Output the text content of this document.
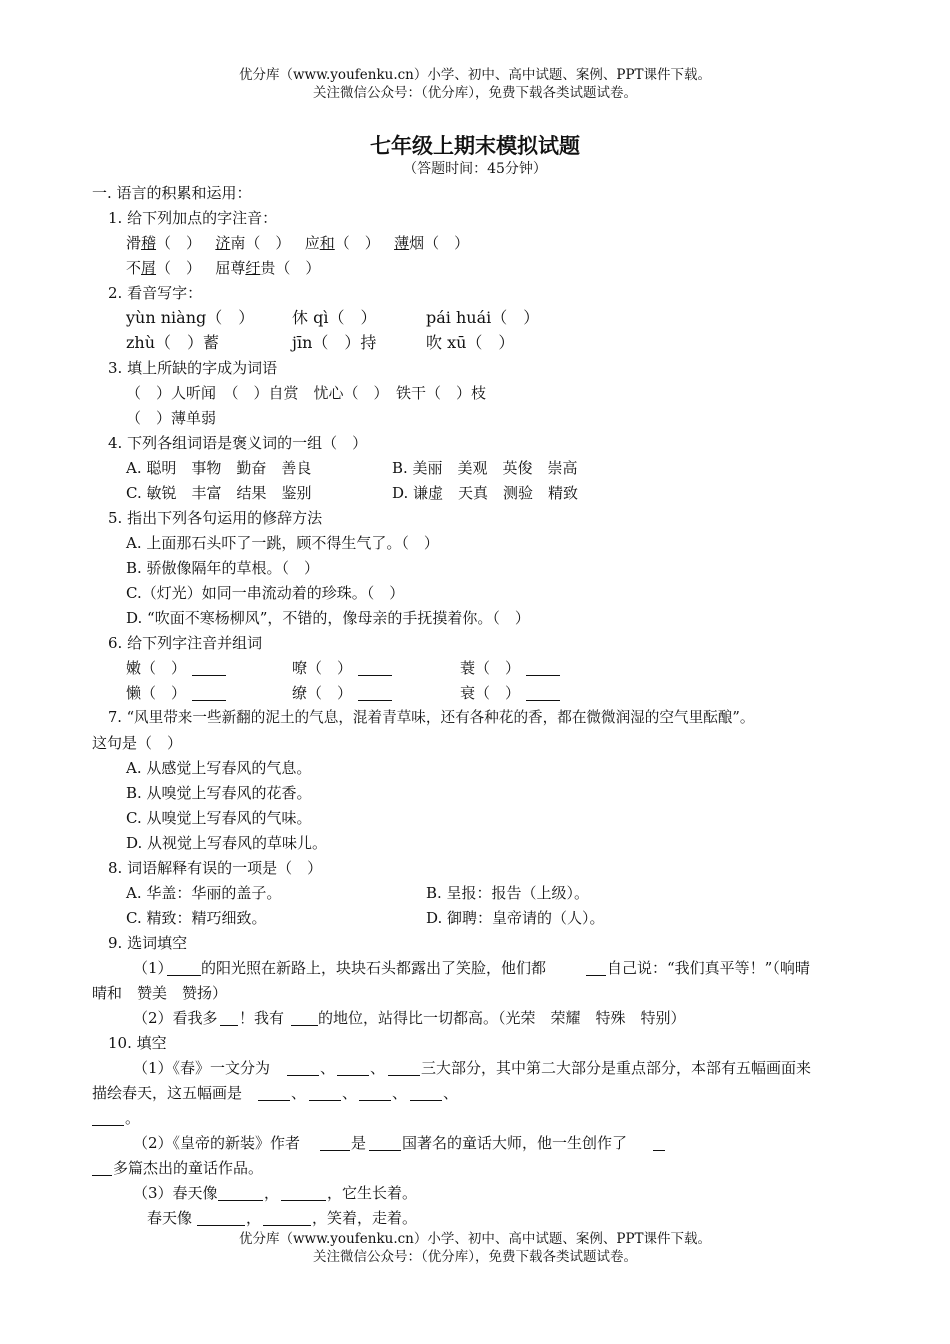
优分库（www.youfenku.cn）小学、初中、高中试题、案例、PPT课件下载。
关注微信公众号：（优分库），免费下载各类试题试卷。
七年级上期末模拟试题
（答题时间：45分钟）
一. 语言的积累和运用：
1. 给下列加点的字注音：
滑稽（　） 济南（　） 应和（　） 薄烟（　）
不屑（　） 屈尊纡贵（　）
2. 看音写字：
yùn niàng（　） 休 qì（　）	pái huái（　）
zhù（　）蓄	jīn（　）持	吹 xū（　）
3. 填上所缺的字成为词语
（　）人听闻　（　）自赏　忧心（　）　铁干（　）枝
（　）薄单弱
4. 下列各组词语是褒义词的一组（　）
A. 聪明　事物　勤奋　善良	B. 美丽　美观　英俊　崇高
C. 敏锐　丰富　结果　鉴别	D. 谦虚　天真　测验　精致
5. 指出下列各句运用的修辞方法
A. 上面那石头吓了一跳，顾不得生气了。（　）
B. 骄傲像隔年的草根。（　）
C.（灯光）如同一串流动着的珍珠。（　）
D. “吹面不寒杨柳风”，不错的，像母亲的手抚摸着你。（　）
6. 给下列字注音并组词
嫩（　）	嘹（　）	蓑（　）
懒（　）	缭（　）	衰（　）
7. “风里带来一些新翻的泥土的气息，混着青草味，还有各种花的香，都在微微润湿的空气里酝酿”。
这句是（　）
A. 从感觉上写春风的气息。
B. 从嗅觉上写春风的花香。
C. 从嗅觉上写春风的气味。
D. 从视觉上写春风的草味儿。
8. 词语解释有误的一项是（　）
A. 华盖：华丽的盖子。	B. 呈报：报告（上级）。
C. 精致：精巧细致。	D. 御聘：皇帝请的（人）。
9. 选词填空
（1） 的阳光照在新路上，块块石头都露出了笑脸，他们都	自己说：“我们真平等！”（响晴
晴和　赞美　赞扬）
（2）看我多 ！我有 的地位，站得比一切都高。（光荣　荣耀　特殊　特别）
10. 填空
（1）《春》一文分为	、 、 三大部分，其中第二大部分是重点部分，本部有五幅画面来
描绘春天，这五幅画是	、 、 、 、
。
（2）《皇帝的新装》作者	是 国著名的童话大师，他一生创作了
多篇杰出的童话作品。
（3）春天像	，	，它生长着。
春天像	，	，笑着，走着。
优分库（www.youfenku.cn）小学、初中、高中试题、案例、PPT课件下载。
关注微信公众号：（优分库），免费下载各类试题试卷。
